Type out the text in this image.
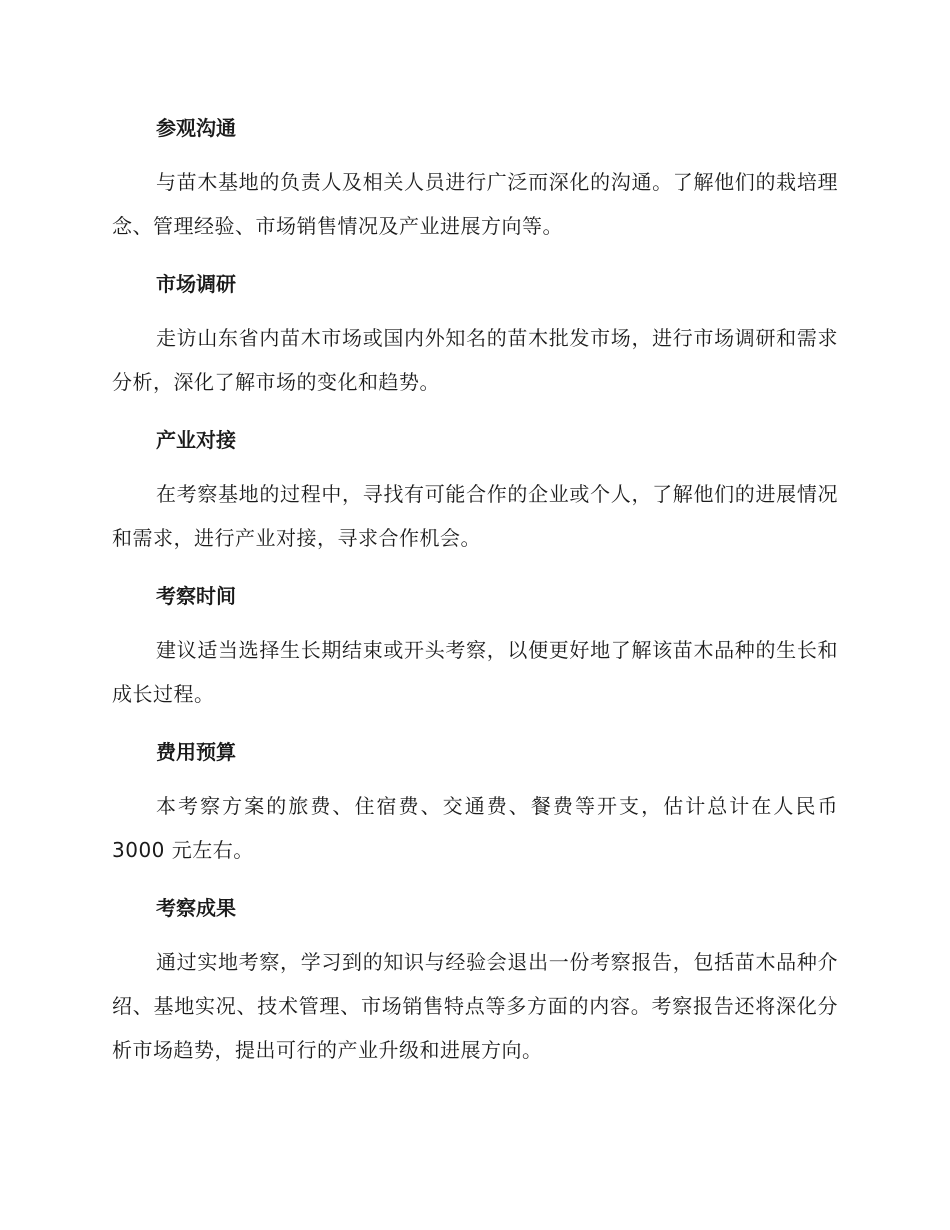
参观沟通

与苗木基地的负责人及相关人员进行广泛而深化的沟通。了解他们的栽培理念、管理经验、市场销售情况及产业进展方向等。

市场调研

走访山东省内苗木市场或国内外知名的苗木批发市场，进行市场调研和需求分析，深化了解市场的变化和趋势。

产业对接

在考察基地的过程中，寻找有可能合作的企业或个人，了解他们的进展情况和需求，进行产业对接，寻求合作机会。

考察时间

建议适当选择生长期结束或开头考察，以便更好地了解该苗木品种的生长和成长过程。

费用预算

本考察方案的旅费、住宿费、交通费、餐费等开支，估计总计在人民币3000 元左右。

考察成果

通过实地考察，学习到的知识与经验会退出一份考察报告，包括苗木品种介绍、基地实况、技术管理、市场销售特点等多方面的内容。考察报告还将深化分析市场趋势，提出可行的产业升级和进展方向。
